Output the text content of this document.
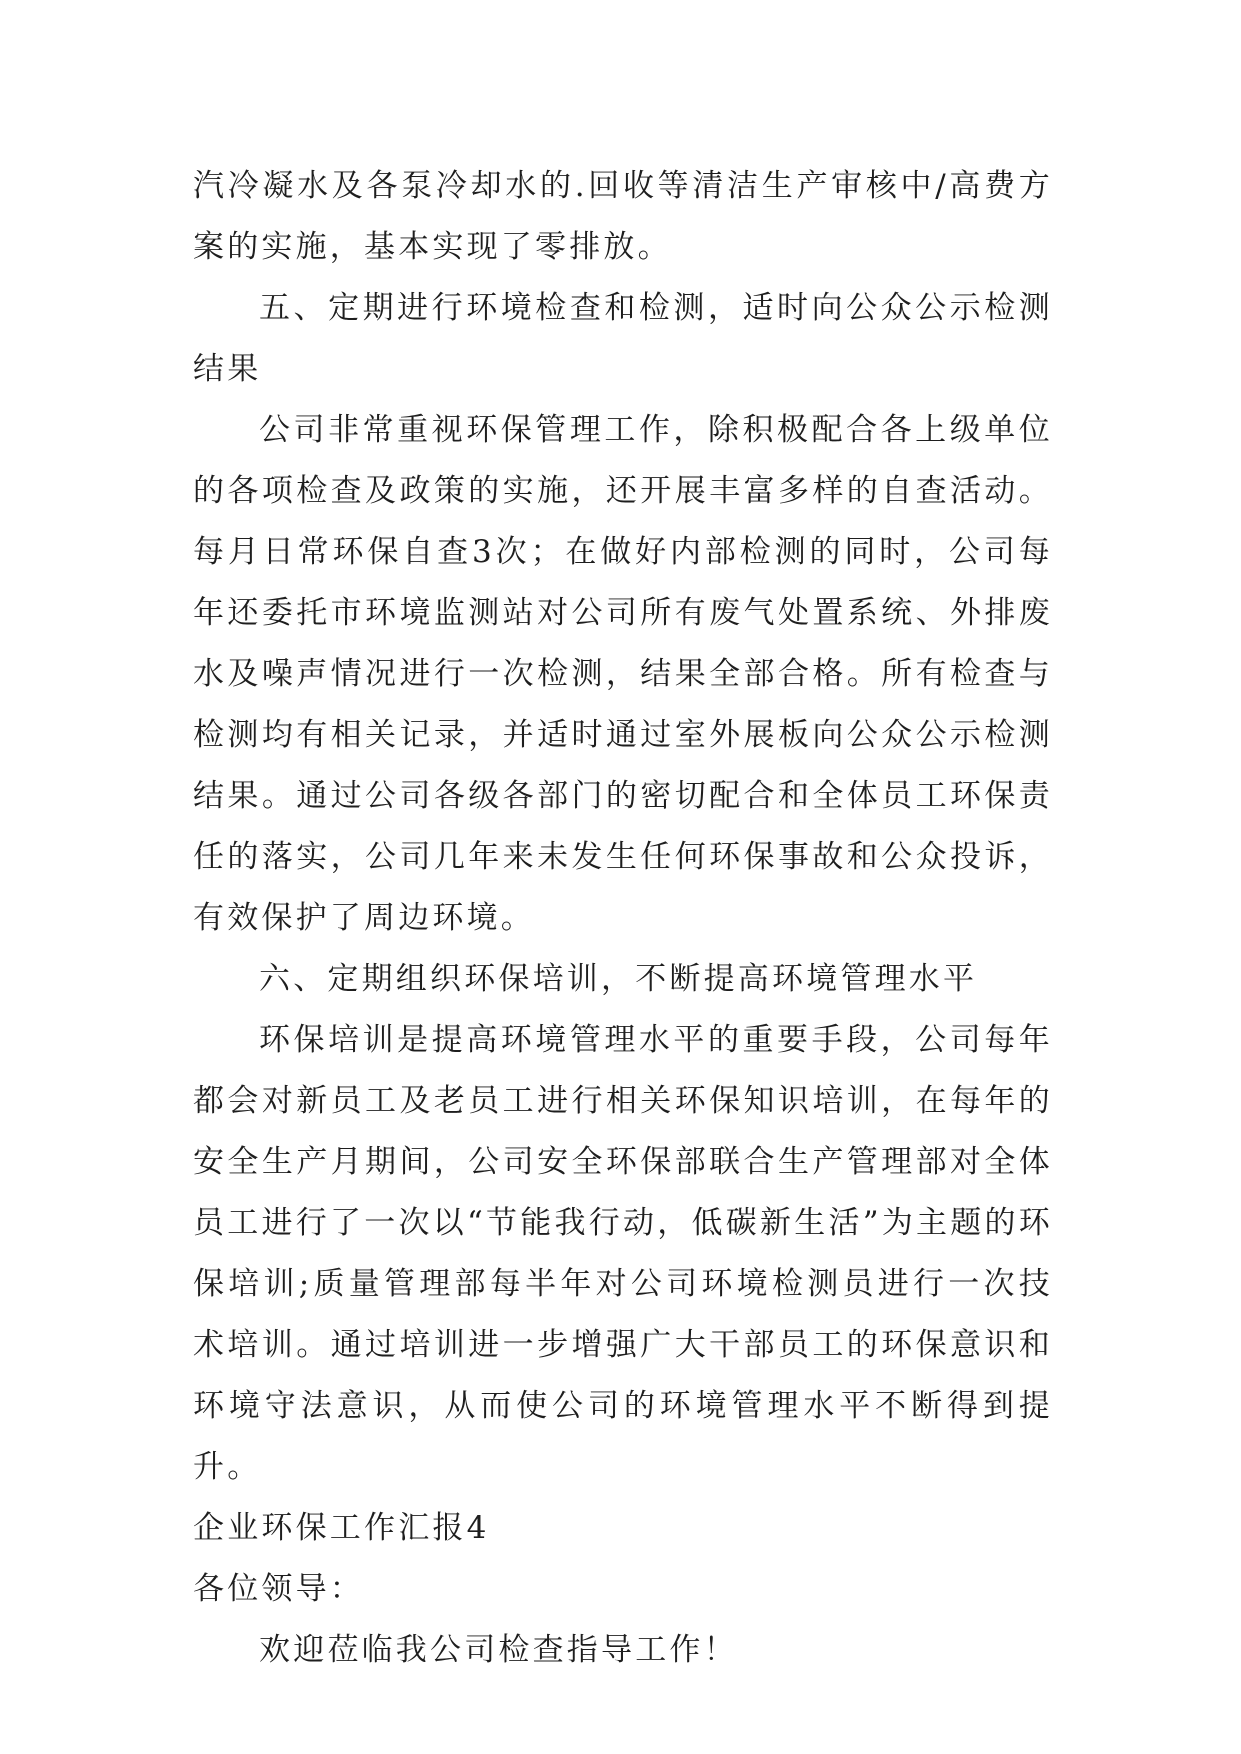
汽冷凝水及各泵冷却水的.回收等清洁生产审核中/高费方案的实施，基本实现了零排放。

五、定期进行环境检查和检测，适时向公众公示检测结果

公司非常重视环保管理工作，除积极配合各上级单位的各项检查及政策的实施，还开展丰富多样的自查活动。每月日常环保自查3次；在做好内部检测的同时，公司每年还委托市环境监测站对公司所有废气处置系统、外排废水及噪声情况进行一次检测，结果全部合格。所有检查与检测均有相关记录，并适时通过室外展板向公众公示检测结果。通过公司各级各部门的密切配合和全体员工环保责任的落实，公司几年来未发生任何环保事故和公众投诉，有效保护了周边环境。

六、定期组织环保培训，不断提高环境管理水平

环保培训是提高环境管理水平的重要手段，公司每年都会对新员工及老员工进行相关环保知识培训，在每年的安全生产月期间，公司安全环保部联合生产管理部对全体员工进行了一次以“节能我行动，低碳新生活”为主题的环保培训;质量管理部每半年对公司环境检测员进行一次技术培训。通过培训进一步增强广大干部员工的环保意识和环境守法意识，从而使公司的环境管理水平不断得到提升。

企业环保工作汇报4

各位领导：

欢迎莅临我公司检查指导工作！
